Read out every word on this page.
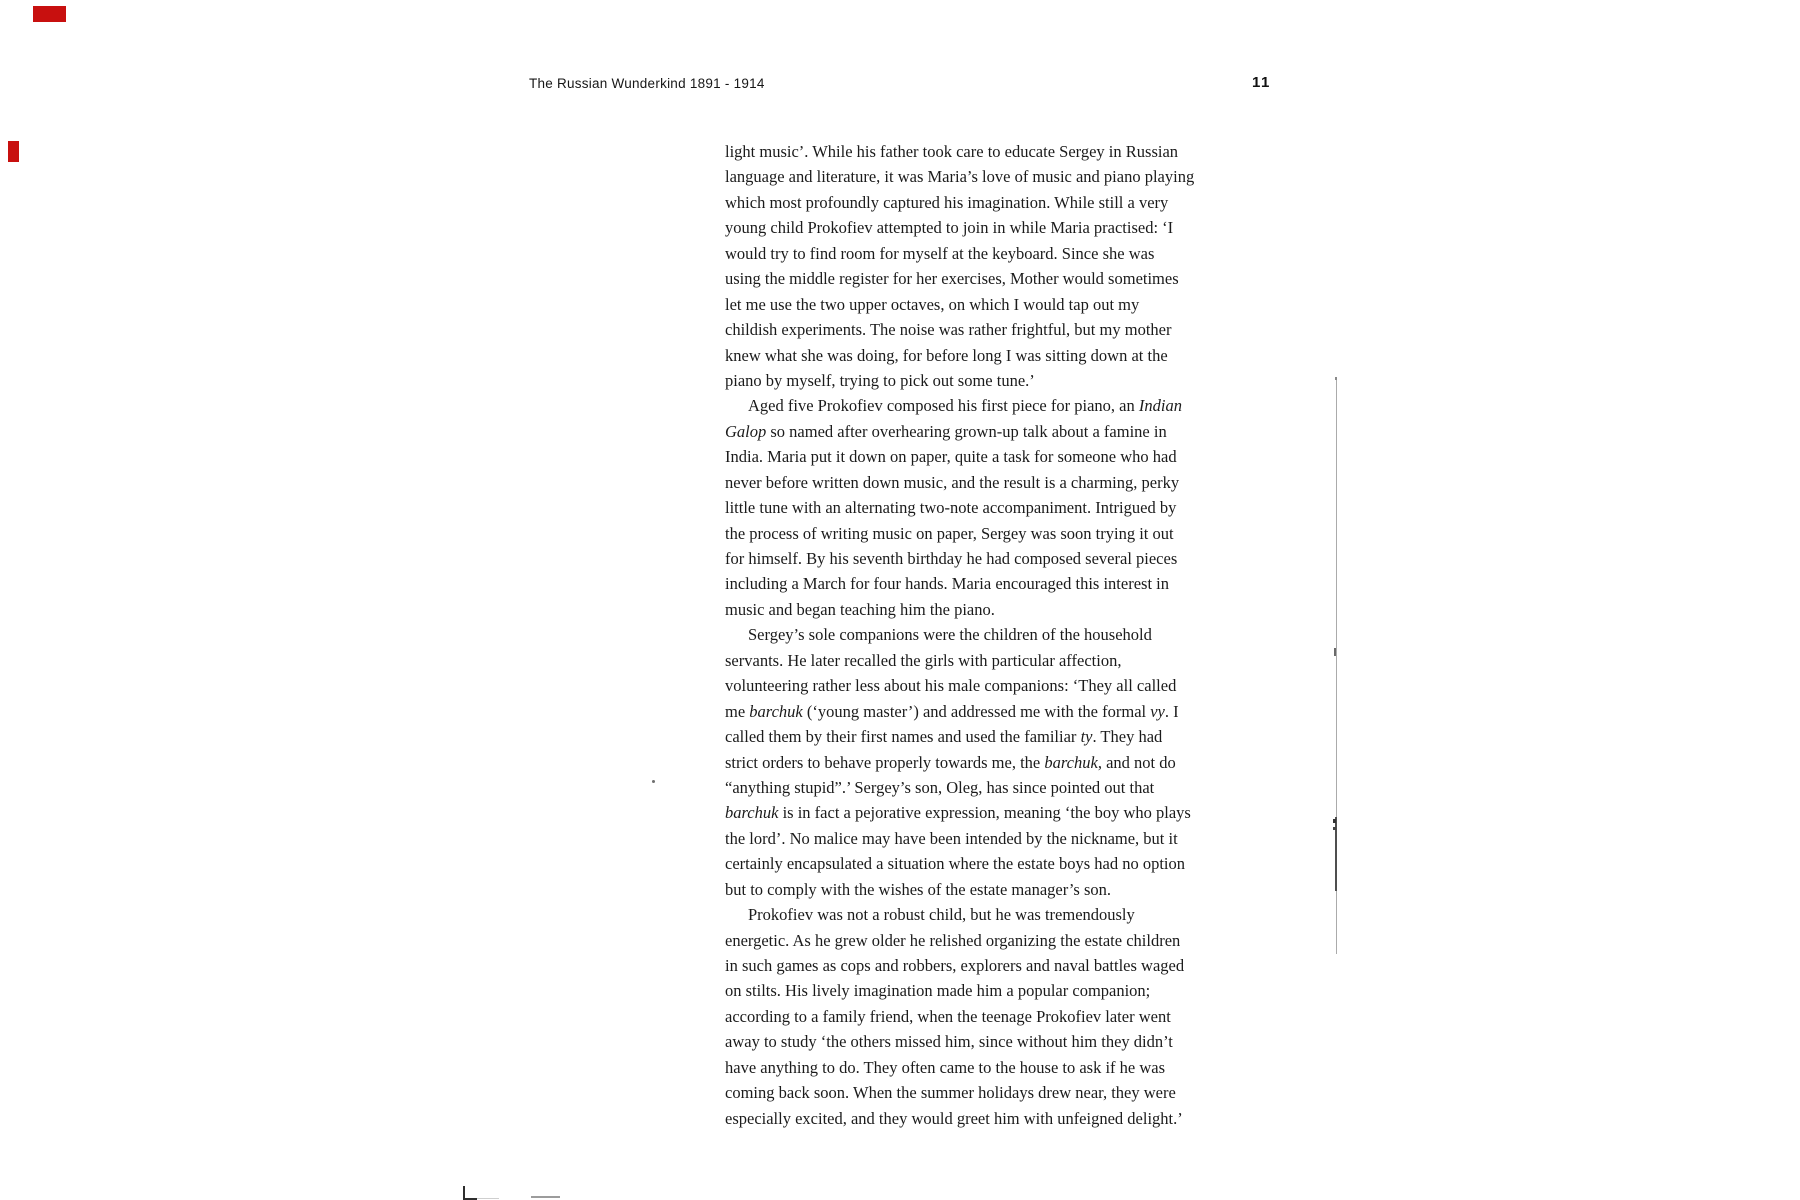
The Russian Wunderkind 1891 - 1914	11
light music’. While his father took care to educate Sergey in Russian
language and literature, it was Maria’s love of music and piano playing
which most profoundly captured his imagination. While still a very
young child Prokofiev attempted to join in while Maria practised: ‘I
would try to find room for myself at the keyboard. Since she was
using the middle register for her exercises, Mother would sometimes
let me use the two upper octaves, on which I would tap out my
childish experiments. The noise was rather frightful, but my mother
knew what she was doing, for before long I was sitting down at the
piano by myself, trying to pick out some tune.’
Aged five Prokofiev composed his first piece for piano, an Indian
Galop so named after overhearing grown-up talk about a famine in
India. Maria put it down on paper, quite a task for someone who had
never before written down music, and the result is a charming, perky
little tune with an alternating two-note accompaniment. Intrigued by
the process of writing music on paper, Sergey was soon trying it out
for himself. By his seventh birthday he had composed several pieces
including a March for four hands. Maria encouraged this interest in
music and began teaching him the piano.
Sergey’s sole companions were the children of the household
servants. He later recalled the girls with particular affection,
volunteering rather less about his male companions: ‘They all called
me barchuk (‘young master’) and addressed me with the formal vy. I
called them by their first names and used the familiar ty. They had
strict orders to behave properly towards me, the barchuk, and not do
“anything stupid”.’ Sergey’s son, Oleg, has since pointed out that
barchuk is in fact a pejorative expression, meaning ‘the boy who plays
the lord’. No malice may have been intended by the nickname, but it
certainly encapsulated a situation where the estate boys had no option
but to comply with the wishes of the estate manager’s son.
Prokofiev was not a robust child, but he was tremendously
energetic. As he grew older he relished organizing the estate children
in such games as cops and robbers, explorers and naval battles waged
on stilts. His lively imagination made him a popular companion;
according to a family friend, when the teenage Prokofiev later went
away to study ‘the others missed him, since without him they didn’t
have anything to do. They often came to the house to ask if he was
coming back soon. When the summer holidays drew near, they were
especially excited, and they would greet him with unfeigned delight.’
